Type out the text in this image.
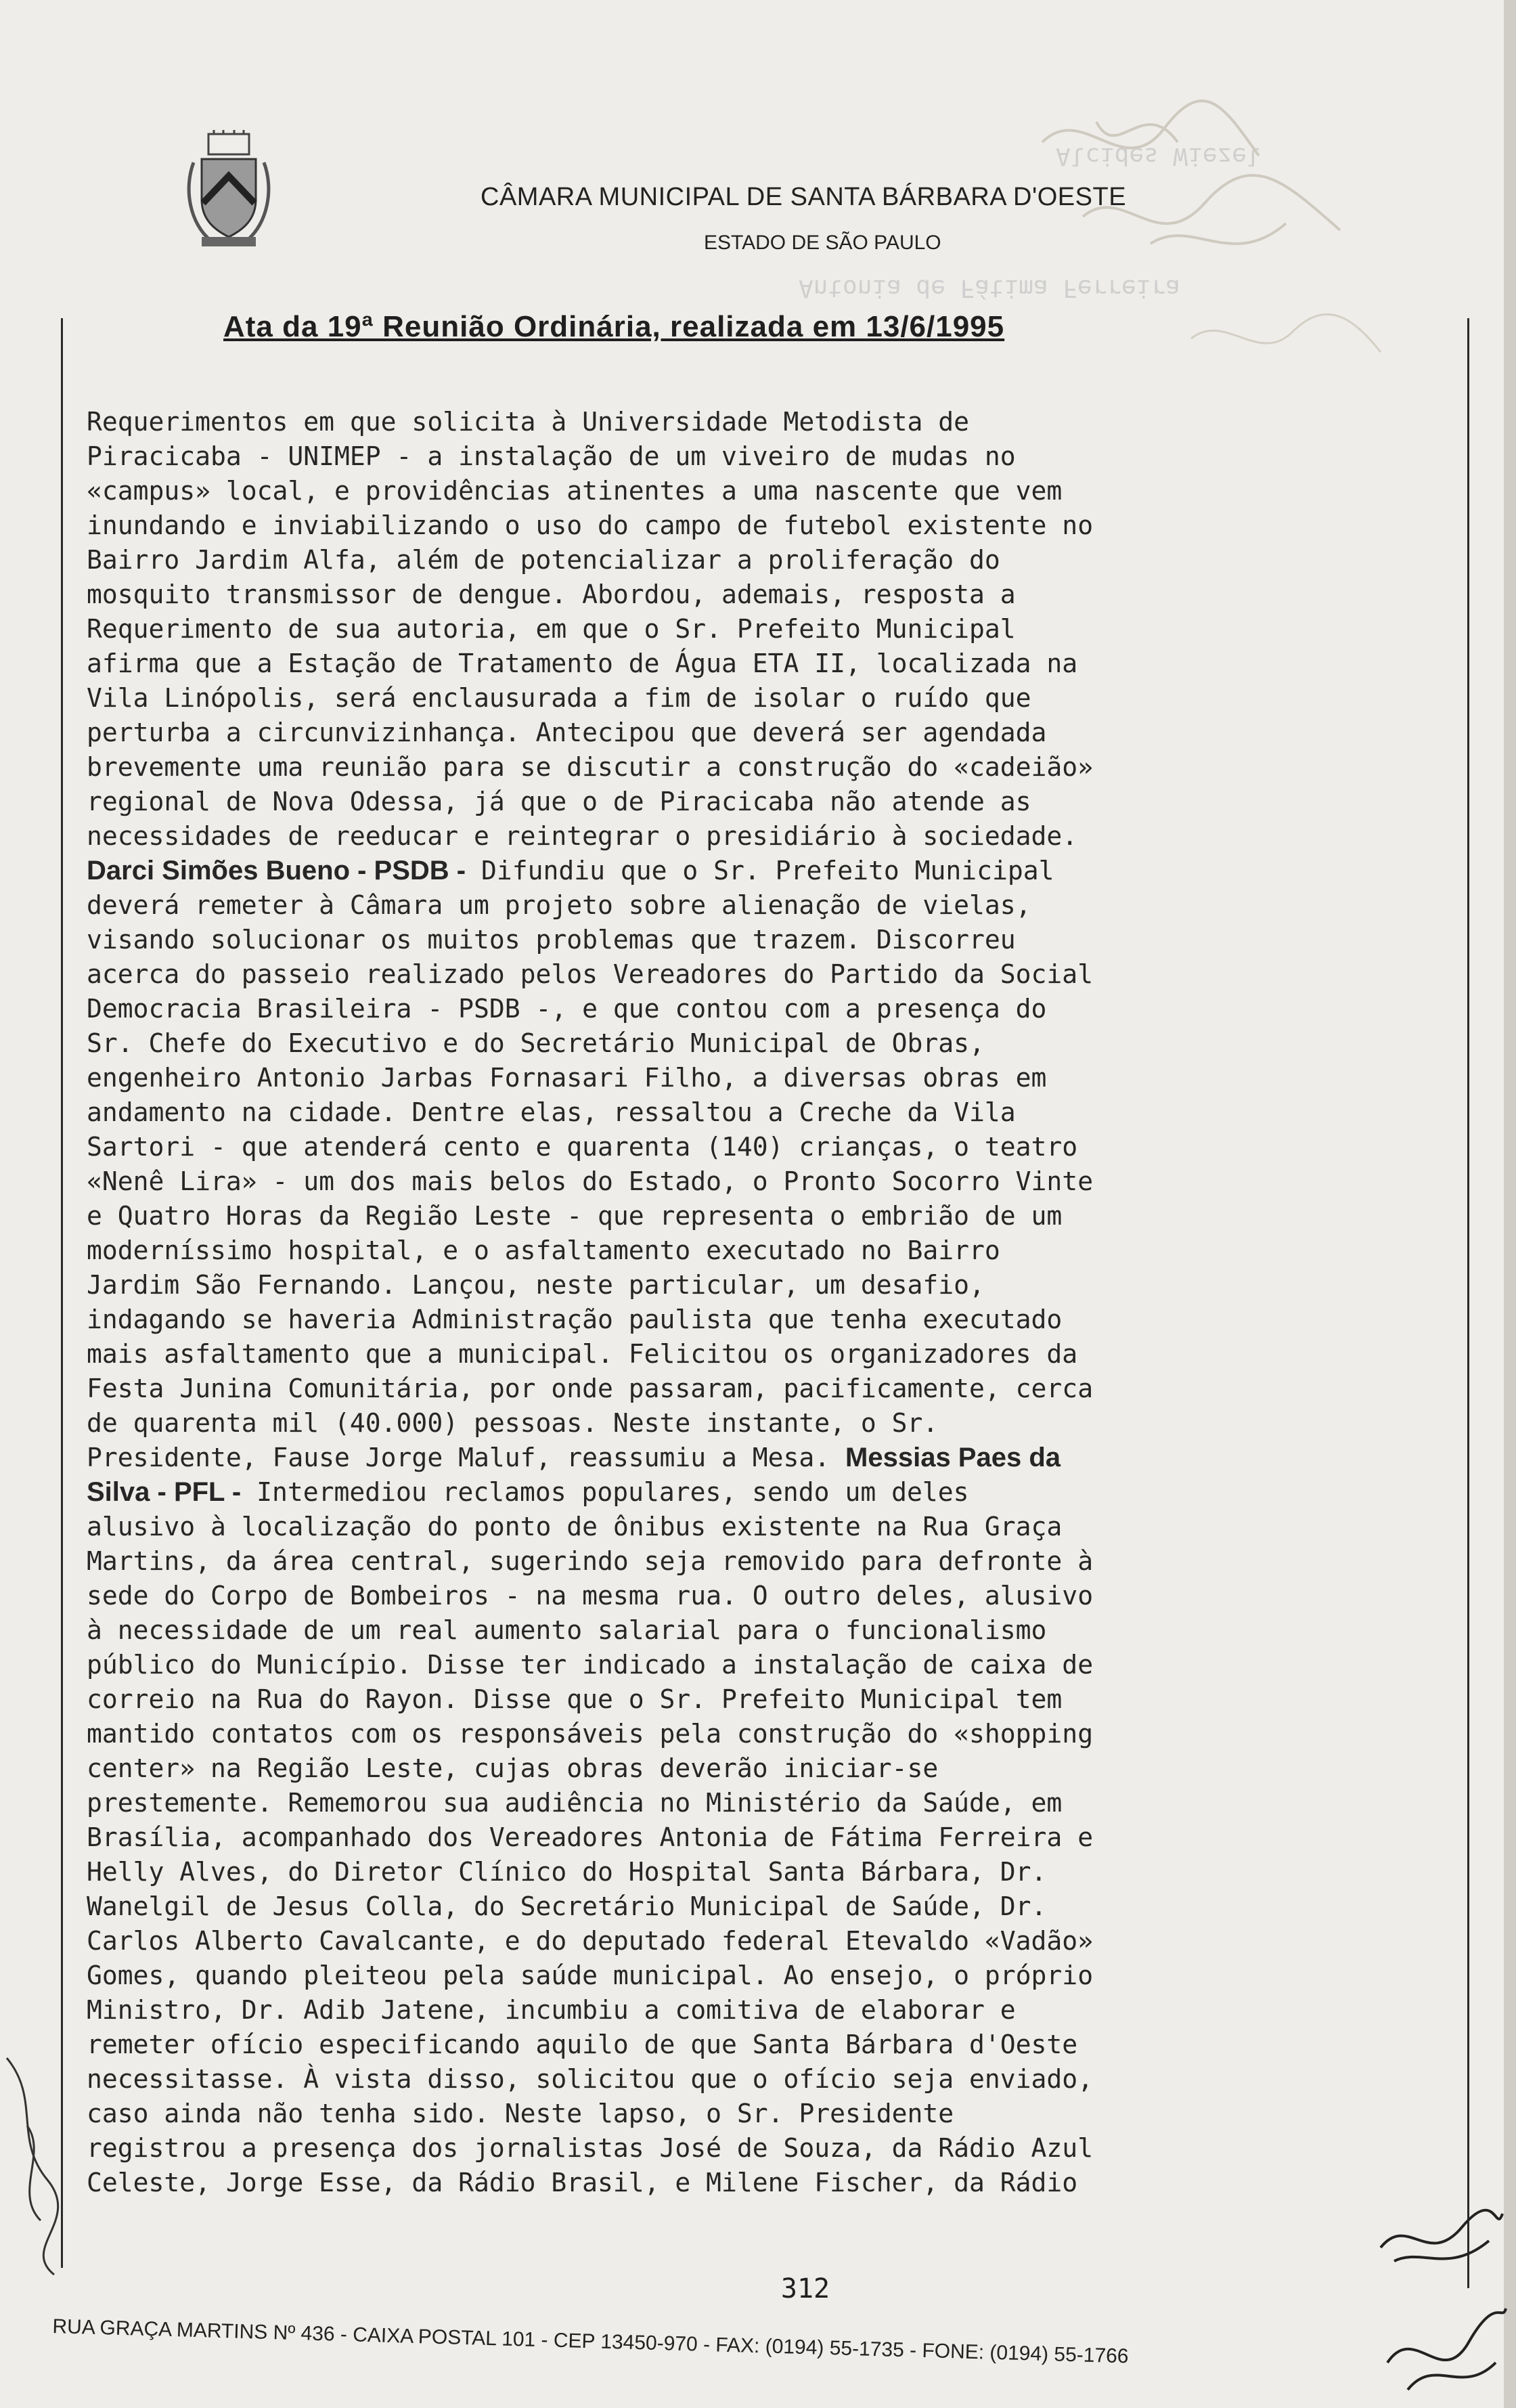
Alcides Wiezel
Antonia de Fátima Ferreira
CÂMARA MUNICIPAL DE SANTA BÁRBARA D'OESTE
ESTADO DE SÃO PAULO
Ata da 19ª Reunião Ordinária, realizada em 13/6/1995
Requerimentos em que solicita à Universidade Metodista de
Piracicaba - UNIMEP - a instalação de um viveiro de mudas no
«campus» local, e providências atinentes a uma nascente que vem
inundando e inviabilizando o uso do campo de futebol existente no
Bairro Jardim Alfa, além de potencializar a proliferação do
mosquito transmissor de dengue. Abordou, ademais, resposta a
Requerimento de sua autoria, em que o Sr. Prefeito Municipal
afirma que a Estação de Tratamento de Água ETA II, localizada na
Vila Linópolis, será enclausurada a fim de isolar o ruído que
perturba a circunvizinhança. Antecipou que deverá ser agendada
brevemente uma reunião para se discutir a construção do «cadeião»
regional de Nova Odessa, já que o de Piracicaba não atende as
necessidades de reeducar e reintegrar o presidiário à sociedade.
Darci Simões Bueno - PSDB - Difundiu que o Sr. Prefeito Municipal
deverá remeter à Câmara um projeto sobre alienação de vielas,
visando solucionar os muitos problemas que trazem. Discorreu
acerca do passeio realizado pelos Vereadores do Partido da Social
Democracia Brasileira - PSDB -, e que contou com a presença do
Sr. Chefe do Executivo e do Secretário Municipal de Obras,
engenheiro Antonio Jarbas Fornasari Filho, a diversas obras em
andamento na cidade. Dentre elas, ressaltou a Creche da Vila
Sartori - que atenderá cento e quarenta (140) crianças, o teatro
«Nenê Lira» - um dos mais belos do Estado, o Pronto Socorro Vinte
e Quatro Horas da Região Leste - que representa o embrião de um
moderníssimo hospital, e o asfaltamento executado no Bairro
Jardim São Fernando. Lançou, neste particular, um desafio,
indagando se haveria Administração paulista que tenha executado
mais asfaltamento que a municipal. Felicitou os organizadores da
Festa Junina Comunitária, por onde passaram, pacificamente, cerca
de quarenta mil (40.000) pessoas. Neste instante, o Sr.
Presidente, Fause Jorge Maluf, reassumiu a Mesa. Messias Paes da
Silva - PFL - Intermediou reclamos populares, sendo um deles
alusivo à localização do ponto de ônibus existente na Rua Graça
Martins, da área central, sugerindo seja removido para defronte à
sede do Corpo de Bombeiros - na mesma rua. O outro deles, alusivo
à necessidade de um real aumento salarial para o funcionalismo
público do Município. Disse ter indicado a instalação de caixa de
correio na Rua do Rayon. Disse que o Sr. Prefeito Municipal tem
mantido contatos com os responsáveis pela construção do «shopping
center» na Região Leste, cujas obras deverão iniciar-se
prestemente. Rememorou sua audiência no Ministério da Saúde, em
Brasília, acompanhado dos Vereadores Antonia de Fátima Ferreira e
Helly Alves, do Diretor Clínico do Hospital Santa Bárbara, Dr.
Wanelgil de Jesus Colla, do Secretário Municipal de Saúde, Dr.
Carlos Alberto Cavalcante, e do deputado federal Etevaldo «Vadão»
Gomes, quando pleiteou pela saúde municipal. Ao ensejo, o próprio
Ministro, Dr. Adib Jatene, incumbiu a comitiva de elaborar e
remeter ofício especificando aquilo de que Santa Bárbara d'Oeste
necessitasse. À vista disso, solicitou que o ofício seja enviado,
caso ainda não tenha sido. Neste lapso, o Sr. Presidente
registrou a presença dos jornalistas José de Souza, da Rádio Azul
Celeste, Jorge Esse, da Rádio Brasil, e Milene Fischer, da Rádio
312
RUA GRAÇA MARTINS Nº 436 - CAIXA POSTAL 101 - CEP 13450-970 - FAX: (0194) 55-1735 - FONE: (0194) 55-1766
